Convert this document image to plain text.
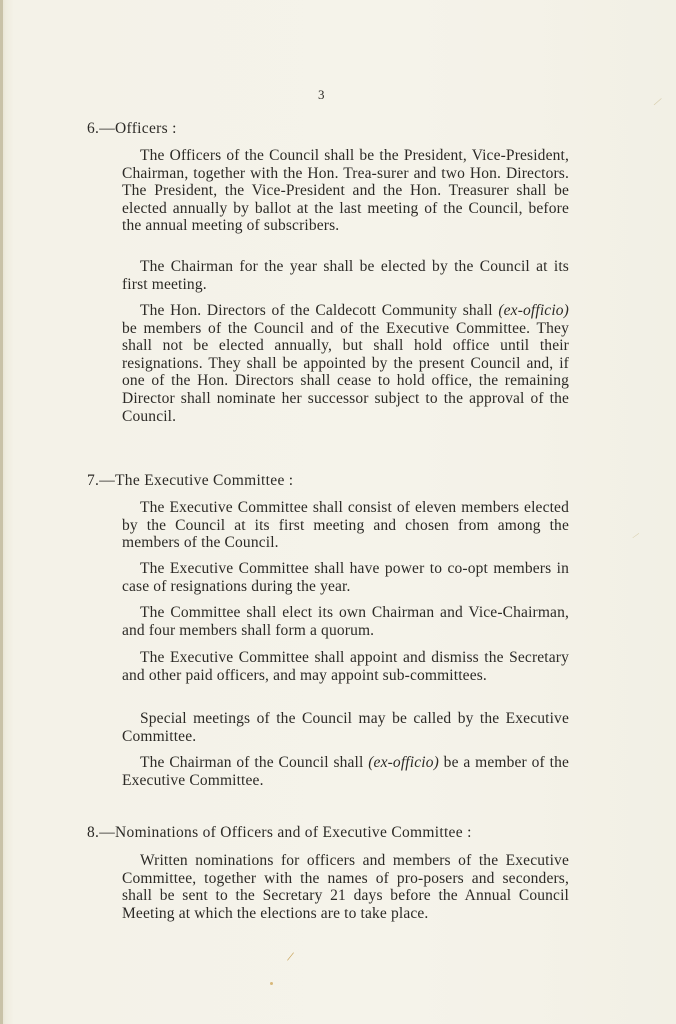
3
6.—Officers :

The Officers of the Council shall be the President, Vice-President, Chairman, together with the Hon. Trea-surer and two Hon. Directors. The President, the Vice-President and the Hon. Treasurer shall be elected annually by ballot at the last meeting of the Council, before the annual meeting of subscribers.

The Chairman for the year shall be elected by the Council at its first meeting.

The Hon. Directors of the Caldecott Community shall (ex-officio) be members of the Council and of the Executive Committee. They shall not be elected annually, but shall hold office until their resignations. They shall be appointed by the present Council and, if one of the Hon. Directors shall cease to hold office, the remaining Director shall nominate her successor subject to the approval of the Council.

7.—The Executive Committee :

The Executive Committee shall consist of eleven members elected by the Council at its first meeting and chosen from among the members of the Council.

The Executive Committee shall have power to co-opt members in case of resignations during the year.

The Committee shall elect its own Chairman and Vice-Chairman, and four members shall form a quorum.

The Executive Committee shall appoint and dismiss the Secretary and other paid officers, and may appoint sub-committees.

Special meetings of the Council may be called by the Executive Committee.

The Chairman of the Council shall (ex-officio) be a member of the Executive Committee.

8.—Nominations of Officers and of Executive Committee :

Written nominations for officers and members of the Executive Committee, together with the names of pro-posers and seconders, shall be sent to the Secretary 21 days before the Annual Council Meeting at which the elections are to take place.

/
/
/
